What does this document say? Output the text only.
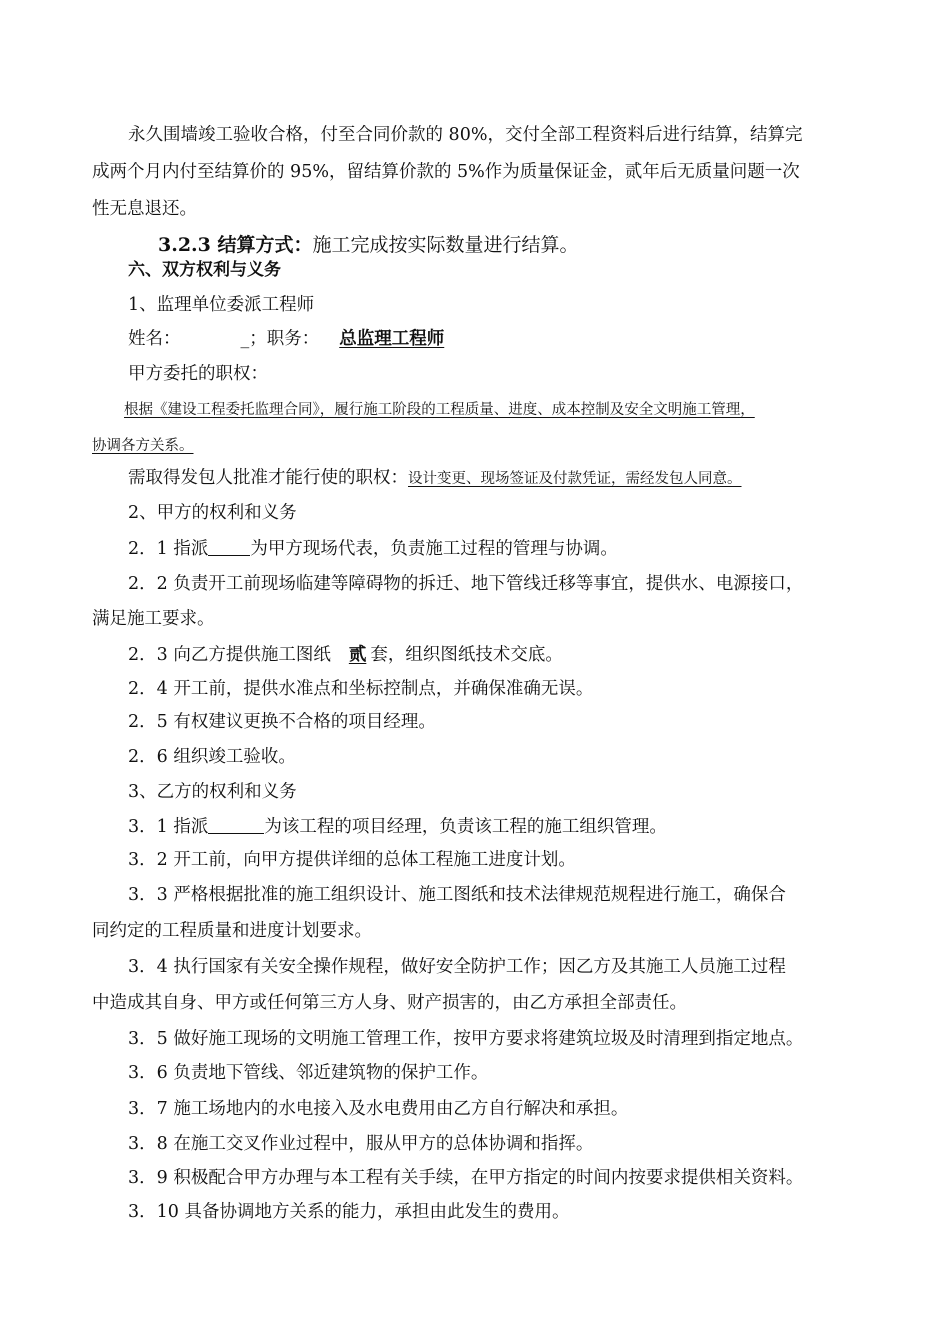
永久围墙竣工验收合格，付至合同价款的 80%，交付全部工程资料后进行结算，结算完
成两个月内付至结算价的 95%，留结算价款的 5%作为质量保证金，贰年后无质量问题一次
性无息退还。
3.2.3 结算方式：施工完成按实际数量进行结算。
六、双方权利与义务
1、监理单位委派工程师
姓名：	_；职务： 总监理工程师
甲方委托的职权：
根据《建设工程委托监理合同》，履行施工阶段的工程质量、进度、成本控制及安全文明施工管理，
协调各方关系。
需取得发包人批准才能行使的职权：设计变更、现场签证及付款凭证，需经发包人同意。
2、甲方的权利和义务
2．1 指派 为甲方现场代表，负责施工过程的管理与协调。
2．2 负责开工前现场临建等障碍物的拆迁、地下管线迁移等事宜，提供水、电源接口，
满足施工要求。
2．3 向乙方提供施工图纸 贰 套，组织图纸技术交底。
2．4 开工前，提供水准点和坐标控制点，并确保准确无误。
2．5 有权建议更换不合格的项目经理。
2．6 组织竣工验收。
3、乙方的权利和义务
3．1 指派	为该工程的项目经理，负责该工程的施工组织管理。
3．2 开工前，向甲方提供详细的总体工程施工进度计划。
3．3 严格根据批准的施工组织设计、施工图纸和技术法律规范规程进行施工，确保合
同约定的工程质量和进度计划要求。
3．4 执行国家有关安全操作规程，做好安全防护工作；因乙方及其施工人员施工过程
中造成其自身、甲方或任何第三方人身、财产损害的，由乙方承担全部责任。
3．5 做好施工现场的文明施工管理工作，按甲方要求将建筑垃圾及时清理到指定地点。
3．6 负责地下管线、邻近建筑物的保护工作。
3．7 施工场地内的水电接入及水电费用由乙方自行解决和承担。
3．8 在施工交叉作业过程中，服从甲方的总体协调和指挥。
3．9 积极配合甲方办理与本工程有关手续，在甲方指定的时间内按要求提供相关资料。
3．10 具备协调地方关系的能力，承担由此发生的费用。
